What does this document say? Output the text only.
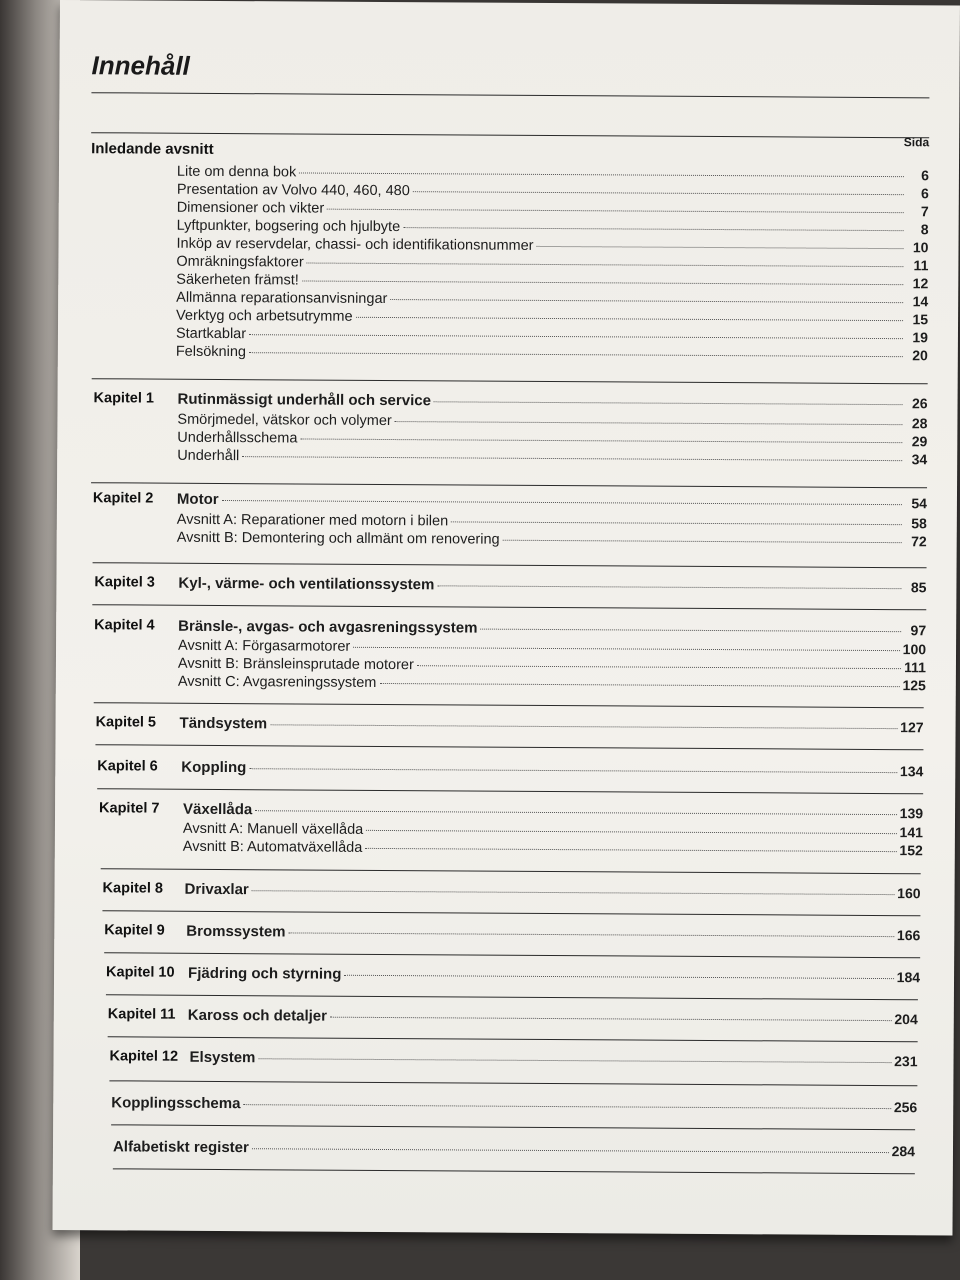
Innehåll
Sida
Inledande avsnitt
Lite om denna bok	6
Presentation av Volvo 440, 460, 480	6
Dimensioner och vikter	7
Lyftpunkter, bogsering och hjulbyte	8
Inköp av reservdelar, chassi- och identifikationsnummer	10
Omräkningsfaktorer	11
Säkerheten främst!	12
Allmänna reparationsanvisningar	14
Verktyg och arbetsutrymme	15
Startkablar	19
Felsökning	20
Kapitel 1 Rutinmässigt underhåll och service	26
Smörjmedel, vätskor och volymer	28
Underhållsschema	29
Underhåll	34
Kapitel 2 Motor	54
Avsnitt A: Reparationer med motorn i bilen	58
Avsnitt B: Demontering och allmänt om renovering	72
Kapitel 3 Kyl-, värme- och ventilationssystem	85
Kapitel 4 Bränsle-, avgas- och avgasreningssystem	97
Avsnitt A: Förgasarmotorer	100
Avsnitt B: Bränsleinsprutade motorer	111
Avsnitt C: Avgasreningssystem	125
Kapitel 5 Tändsystem	127
Kapitel 6 Koppling	134
Kapitel 7 Växellåda	139
Avsnitt A: Manuell växellåda	141
Avsnitt B: Automatväxellåda	152
Kapitel 8 Drivaxlar	160
Kapitel 9 Bromssystem	166
Kapitel 10 Fjädring och styrning	184
Kapitel 11 Kaross och detaljer	204
Kapitel 12 Elsystem	231
Kopplingsschema	256
Alfabetiskt register	284
